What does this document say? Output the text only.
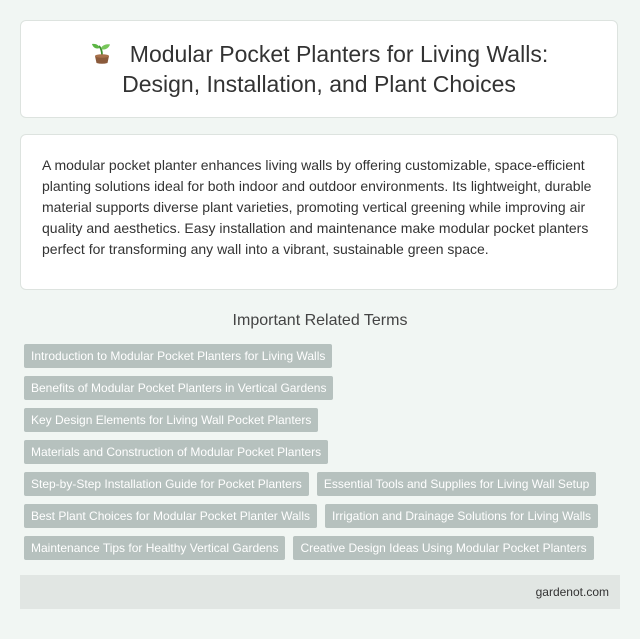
Modular Pocket Planters for Living Walls: Design, Installation, and Plant Choices

A modular pocket planter enhances living walls by offering customizable, space-efficient planting solutions ideal for both indoor and outdoor environments. Its lightweight, durable material supports diverse plant varieties, promoting vertical greening while improving air quality and aesthetics. Easy installation and maintenance make modular pocket planters perfect for transforming any wall into a vibrant, sustainable green space.

Important Related Terms
Introduction to Modular Pocket Planters for Living Walls
Benefits of Modular Pocket Planters in Vertical Gardens
Key Design Elements for Living Wall Pocket Planters
Materials and Construction of Modular Pocket Planters
Step-by-Step Installation Guide for Pocket Planters	Essential Tools and Supplies for Living Wall Setup
Best Plant Choices for Modular Pocket Planter Walls	Irrigation and Drainage Solutions for Living Walls
Maintenance Tips for Healthy Vertical Gardens	Creative Design Ideas Using Modular Pocket Planters
gardenot.com
